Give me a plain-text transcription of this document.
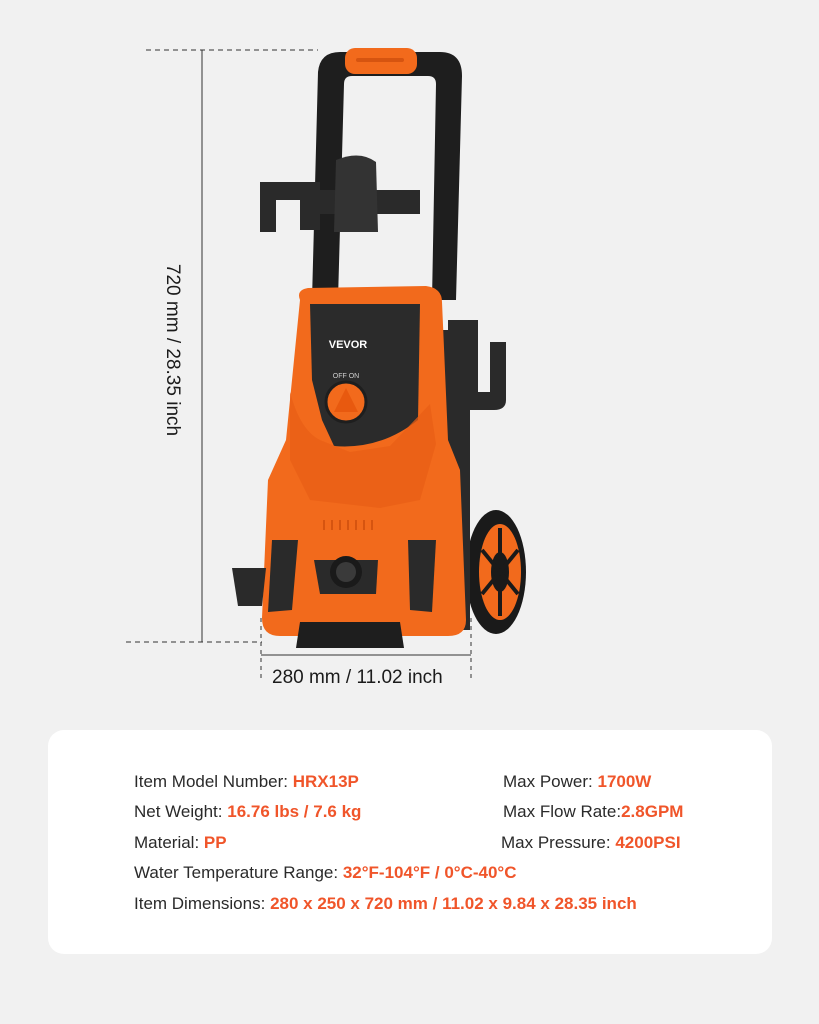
VEVOR
OFF ON
720 mm / 28.35 inch
280 mm / 11.02 inch
Item Model Number: HRX13P
Net Weight: 16.76 lbs / 7.6 kg
Material: PP
Water Temperature Range: 32°F-104°F / 0°C-40°C
Item Dimensions: 280 x 250 x 720 mm / 11.02 x 9.84 x 28.35 inch
Max Power: 1700W
Max Flow Rate:2.8GPM
Max Pressure: 4200PSI
